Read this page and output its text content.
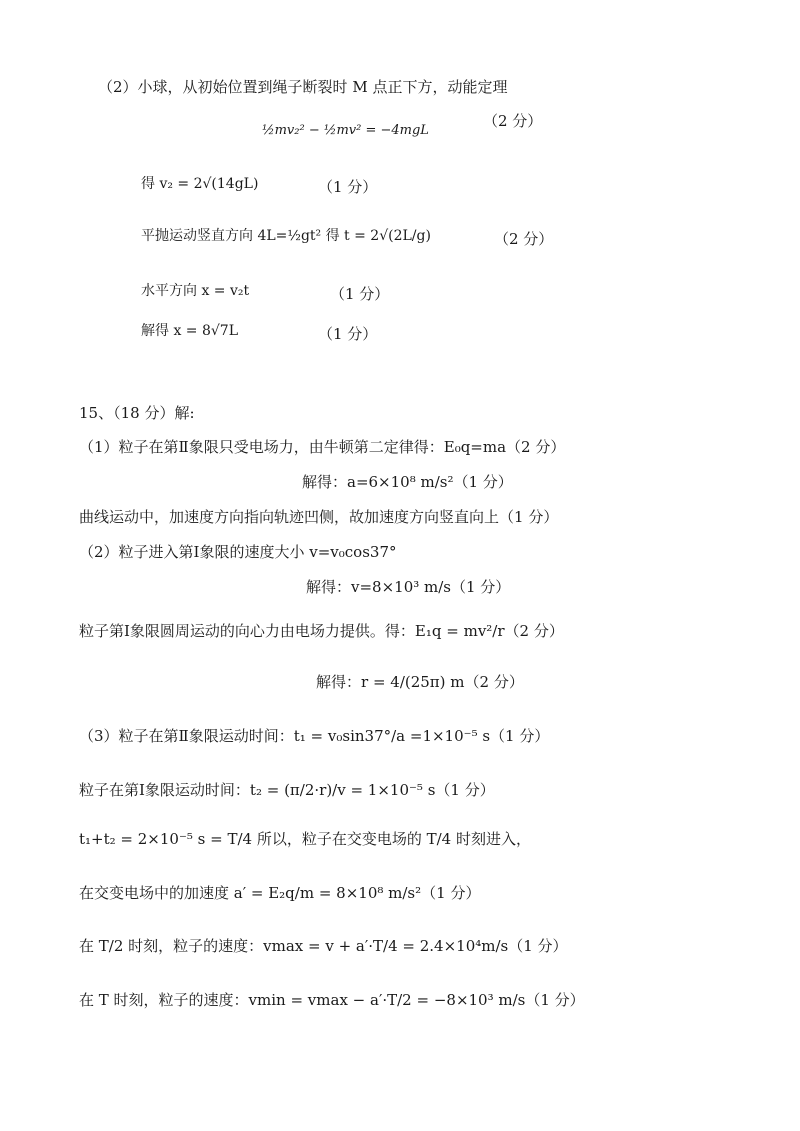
（2）小球，从初始位置到绳子断裂时 M 点正下方，动能定理
½mv₂² − ½mv² = −4mgL
（2 分）
得 v₂ = 2√(14gL)	（1 分）
平抛运动竖直方向 4L=½gt² 得 t = 2√(2L/g)	（2 分）
水平方向 x = v₂t	（1 分）
解得 x = 8√7L	（1 分）
15、（18 分）解:
（1）粒子在第Ⅱ象限只受电场力，由牛顿第二定律得：E₀q=ma（2 分）
解得：a=6×10⁸ m/s²（1 分）
曲线运动中，加速度方向指向轨迹凹侧，故加速度方向竖直向上（1 分）
（2）粒子进入第Ⅰ象限的速度大小 v=v₀cos37°
解得：v=8×10³ m/s（1 分）
粒子第Ⅰ象限圆周运动的向心力由电场力提供。得：E₁q = mv²/r（2 分）
解得：r = 4/(25π) m（2 分）
（3）粒子在第Ⅱ象限运动时间：t₁ = v₀sin37°/a =1×10⁻⁵ s（1 分）
粒子在第Ⅰ象限运动时间：t₂ = (π/2·r)/v = 1×10⁻⁵ s（1 分）
t₁+t₂ = 2×10⁻⁵ s = T/4 所以，粒子在交变电场的 T/4 时刻进入，
在交变电场中的加速度 a′ = E₂q/m = 8×10⁸ m/s²（1 分）
在 T/2 时刻，粒子的速度：vmax = v + a′·T/4 = 2.4×10⁴m/s（1 分）
在 T 时刻，粒子的速度：vmin = vmax − a′·T/2 = −8×10³ m/s（1 分）
